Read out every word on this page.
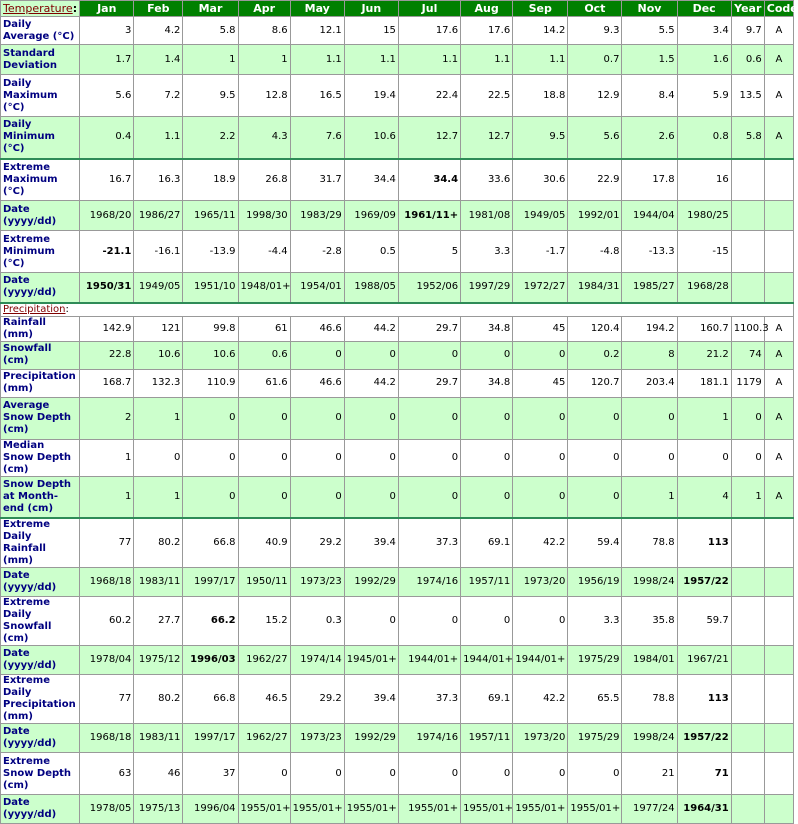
Temperature:	Jan	Feb	Mar	Apr	May	Jun	Jul	Aug	Sep	Oct	Nov	Dec	Year	Code
Daily Average (°C)	3	4.2	5.8	8.6	12.1	15	17.6	17.6	14.2	9.3	5.5	3.4	9.7	A
Standard Deviation	1.7	1.4	1	1	1.1	1.1	1.1	1.1	1.1	0.7	1.5	1.6	0.6	A
Daily Maximum (°C)	5.6	7.2	9.5	12.8	16.5	19.4	22.4	22.5	18.8	12.9	8.4	5.9	13.5	A
Daily Minimum (°C)	0.4	1.1	2.2	4.3	7.6	10.6	12.7	12.7	9.5	5.6	2.6	0.8	5.8	A
Extreme Maximum (°C)	16.7	16.3	18.9	26.8	31.7	34.4	34.4	33.6	30.6	22.9	17.8	16		
Date (yyyy/dd)	1968/20	1986/27	1965/11	1998/30	1983/29	1969/09	1961/11+	1981/08	1949/05	1992/01	1944/04	1980/25		
Extreme Minimum (°C)	-21.1	-16.1	-13.9	-4.4	-2.8	0.5	5	3.3	-1.7	-4.8	-13.3	-15		
Date (yyyy/dd)	1950/31	1949/05	1951/10	1948/01+	1954/01	1988/05	1952/06	1997/29	1972/27	1984/31	1985/27	1968/28		
Precipitation:														
Rainfall (mm)	142.9	121	99.8	61	46.6	44.2	29.7	34.8	45	120.4	194.2	160.7	1100.3	A
Snowfall (cm)	22.8	10.6	10.6	0.6	0	0	0	0	0	0.2	8	21.2	74	A
Precipitation (mm)	168.7	132.3	110.9	61.6	46.6	44.2	29.7	34.8	45	120.7	203.4	181.1	1179	A
Average Snow Depth (cm)	2	1	0	0	0	0	0	0	0	0	0	1	0	A
Median Snow Depth (cm)	1	0	0	0	0	0	0	0	0	0	0	0	0	A
Snow Depth at Month-end (cm)	1	1	0	0	0	0	0	0	0	0	1	4	1	A
Extreme Daily Rainfall (mm)	77	80.2	66.8	40.9	29.2	39.4	37.3	69.1	42.2	59.4	78.8	113		
Date (yyyy/dd)	1968/18	1983/11	1997/17	1950/11	1973/23	1992/29	1974/16	1957/11	1973/20	1956/19	1998/24	1957/22		
Extreme Daily Snowfall (cm)	60.2	27.7	66.2	15.2	0.3	0	0	0	0	3.3	35.8	59.7		
Date (yyyy/dd)	1978/04	1975/12	1996/03	1962/27	1974/14	1945/01+	1944/01+	1944/01+	1944/01+	1975/29	1984/01	1967/21		
Extreme Daily Precipitation (mm)	77	80.2	66.8	46.5	29.2	39.4	37.3	69.1	42.2	65.5	78.8	113		
Date (yyyy/dd)	1968/18	1983/11	1997/17	1962/27	1973/23	1992/29	1974/16	1957/11	1973/20	1975/29	1998/24	1957/22		
Extreme Snow Depth (cm)	63	46	37	0	0	0	0	0	0	0	21	71		
Date (yyyy/dd)	1978/05	1975/13	1996/04	1955/01+	1955/01+	1955/01+	1955/01+	1955/01+	1955/01+	1955/01+	1977/24	1964/31		
